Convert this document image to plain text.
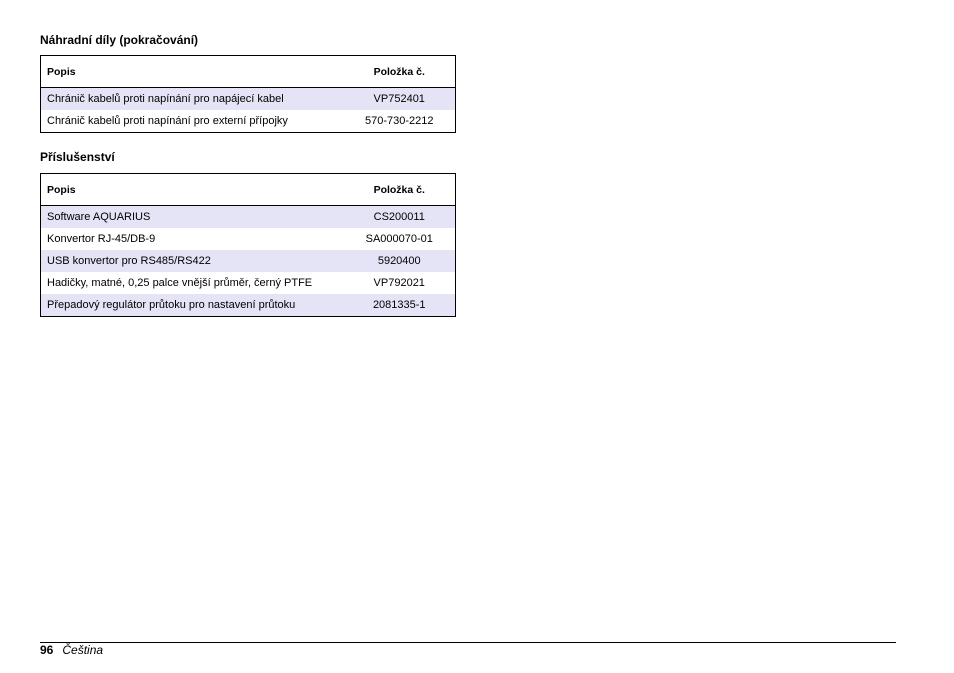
Náhradní díly (pokračování)
Popis	Položka č.
Chránič kabelů proti napínání pro napájecí kabel	VP752401
Chránič kabelů proti napínání pro externí přípojky	570-730-2212
Příslušenství
Popis	Položka č.
Software AQUARIUS	CS200011
Konvertor RJ-45/DB-9	SA000070-01
USB konvertor pro RS485/RS422	5920400
Hadičky, matné, 0,25 palce vnější průměr, černý PTFE	VP792021
Přepadový regulátor průtoku pro nastavení průtoku	2081335-1
96 Čeština
